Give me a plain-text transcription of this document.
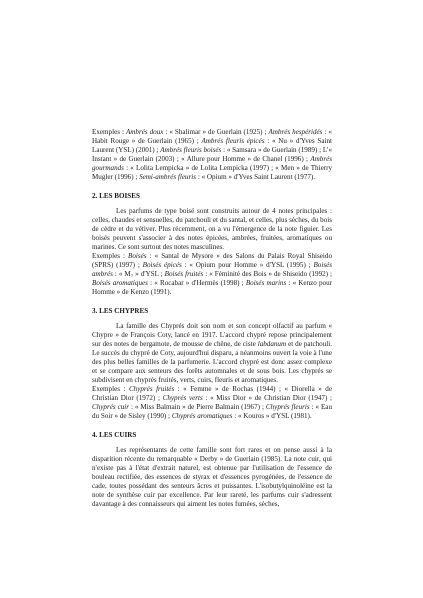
Exemples : Ambrés doux : « Shalimar » de Guerlain (1925) ; Ambrés hespéridés : « Habit Rouge » de Guerlain (1965) ; Ambrés fleuris épicés : « Nu » d'Yves Saint Laurent (YSL) (2001) ; Ambrés fleuris boisés : « Samsara » de Guerlain (1989) ; L'« Instant » de Guerlain (2003) ; « Allure pour Homme » de Chanel (1996) ; Ambrés gourmands : « Lolita Lempicka » de Lolita Lempicka (1997) ; « Men » de Thierry Mugler (1996) ; Semi-ambrés fleuris : « Opium » d'Yves Saint Laurent (1977).

2. LES BOISES

Les parfums de type boisé sont construits autour de 4 notes principales : celles, chaudes et sensuelles, du patchouli et du santal, et celles, plus sèches, du bois de cèdre et du vétiver. Plus récemment, on a vu l'émergence de la note figuier. Les boisés peuvent s'associer à des notes épicées, ambrées, fruitées, aromatiques ou marines. Ce sont surtout des notes masculines.

Exemples : Boisés : « Santal de Mysore » des Salons du Palais Royal Shiseido (SPRS) (1997) ; Boisés épicés : « Opium pour Homme » d'YSL (1995) ; Boisés ambrés : « M₇ » d'YSL ; Boisés fruités : « Féminité des Bois » de Shiseido (1992) ; Boisés aromatiques : « Rocabar » d'Hermès (1998) ; Boisés marins : « Kenzo pour Homme » de Kenzo (1991).

3. LES CHYPRES

La famille des Chyprés doit son nom et son concept olfactif au parfum « Chypre » de François Coty, lancé en 1917. L'accord chypré repose principalement sur des notes de bergamote, de mousse de chêne, de ciste labdanum et de patchouli. Le succès du chypré de Coty, aujourd'hui disparu, a néanmoins ouvert la voie à l'une des plus belles familles de la parfumerie. L'accord chypré est donc assez complexe et se compare aux senteurs des forêts automnales et de sous bois. Les chyprés se subdivisent en chyprés fruités, verts, cuirs, fleuris et aromatiques.

Exemples : Chyprés fruités : « Femme » de Rochas (1944) ; « Diorella » de Christian Dior (1972) ; Chyprés verts : « Miss Dior » de Christian Dior (1947) ; Chyprés cuir : « Miss Balmain » de Pierre Balmain (1967) ; Chyprés fleuris : « Eau du Soir » de Sisley (1990) ; Chyprés aromatiques : « Kouros » d'YSL (1981).

4. LES CUIRS

Les représentants de cette famille sont fort rares et on pense aussi à la disparition récente du remarquable « Derby » de Guerlain (1985). La note cuir, qui n'existe pas à l'état d'extrait naturel, est obtenue par l'utilisation de l'essence de bouleau rectifiée, des essences de styrax et d'essences pyrogénées, de l'essence de cade, toutes possédant des senteurs âcres et puissantes. L'isobutylquinoléine est la note de synthèse cuir par excellence. Par leur rareté, les parfums cuir s'adressent davantage à des connaisseurs qui aiment les notes fumées, sèches,
